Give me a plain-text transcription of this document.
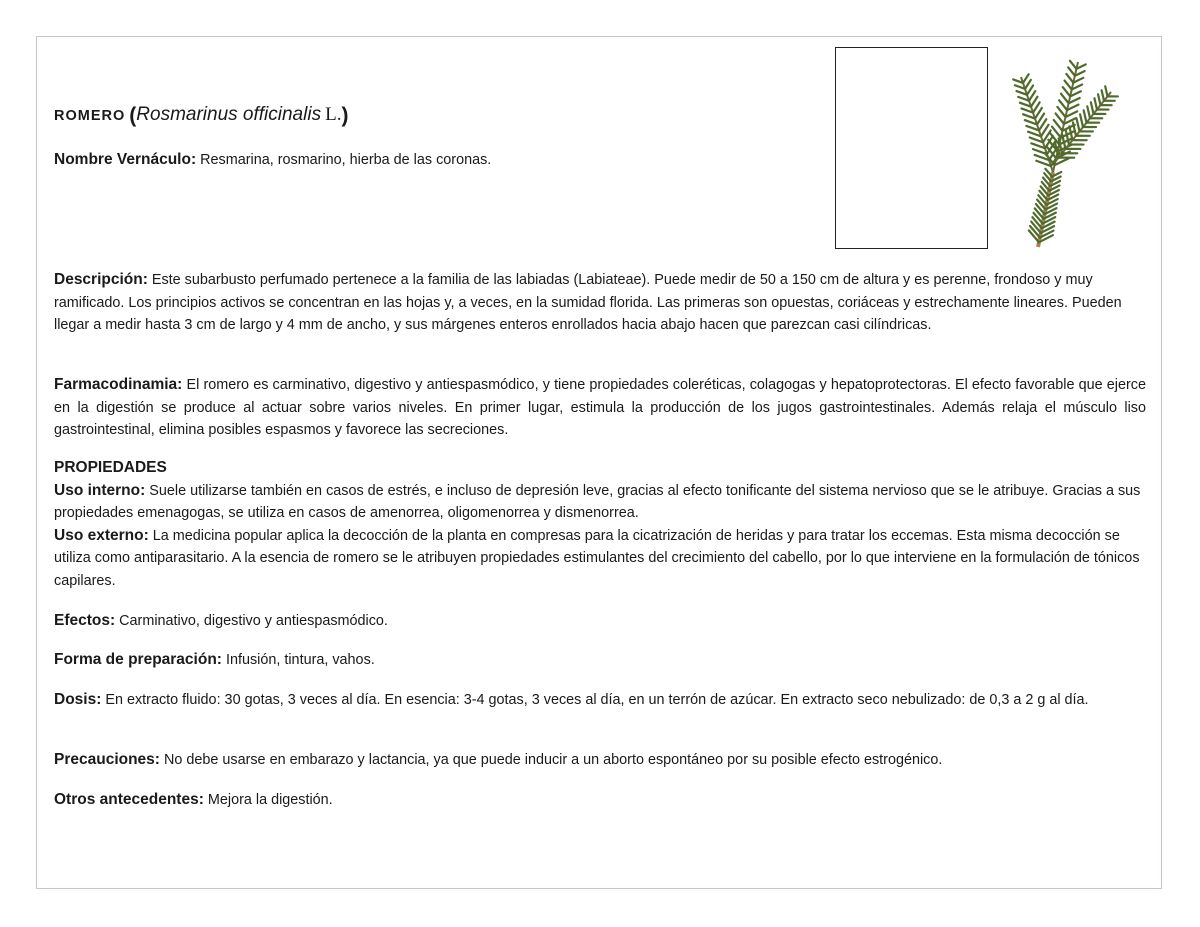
ROMERO (Rosmarinus officinalis L.)

Nombre Vernáculo: Resmarina, rosmarino, hierba de las coronas.

Descripción: Este subarbusto perfumado pertenece a la familia de las labiadas (Labiateae). Puede medir de 50 a 150 cm de altura y es perenne, frondoso y muy ramificado. Los principios activos se concentran en las hojas y, a veces, en la sumidad florida. Las primeras son opuestas, coriáceas y estrechamente lineares. Pueden llegar a medir hasta 3 cm de largo y 4 mm de ancho, y sus márgenes enteros enrollados hacia abajo hacen que parezcan casi cilíndricas.

Farmacodinamia: El romero es carminativo, digestivo y antiespasmódico, y tiene propiedades coleréticas, colagogas y hepatoprotectoras. El efecto favorable que ejerce en la digestión se produce al actuar sobre varios niveles. En primer lugar, estimula la producción de los jugos gastrointestinales. Además relaja el músculo liso gastrointestinal, elimina posibles espasmos y favorece las secreciones.

PROPIEDADES

Uso interno: Suele utilizarse también en casos de estrés, e incluso de depresión leve, gracias al efecto tonificante del sistema nervioso que se le atribuye. Gracias a sus propiedades emenagogas, se utiliza en casos de amenorrea, oligomenorrea y dismenorrea.

Uso externo: La medicina popular aplica la decocción de la planta en compresas para la cicatrización de heridas y para tratar los eccemas. Esta misma decocción se utiliza como antiparasitario. A la esencia de romero se le atribuyen propiedades estimulantes del crecimiento del cabello, por lo que interviene en la formulación de tónicos capilares.

Efectos: Carminativo, digestivo y antiespasmódico.

Forma de preparación: Infusión, tintura, vahos.

Dosis: En extracto fluido: 30 gotas, 3 veces al día. En esencia: 3-4 gotas, 3 veces al día, en un terrón de azúcar. En extracto seco nebulizado: de 0,3 a 2 g al día.

Precauciones: No debe usarse en embarazo y lactancia, ya que puede inducir a un aborto espontáneo por su posible efecto estrogénico.

Otros antecedentes: Mejora la digestión.
